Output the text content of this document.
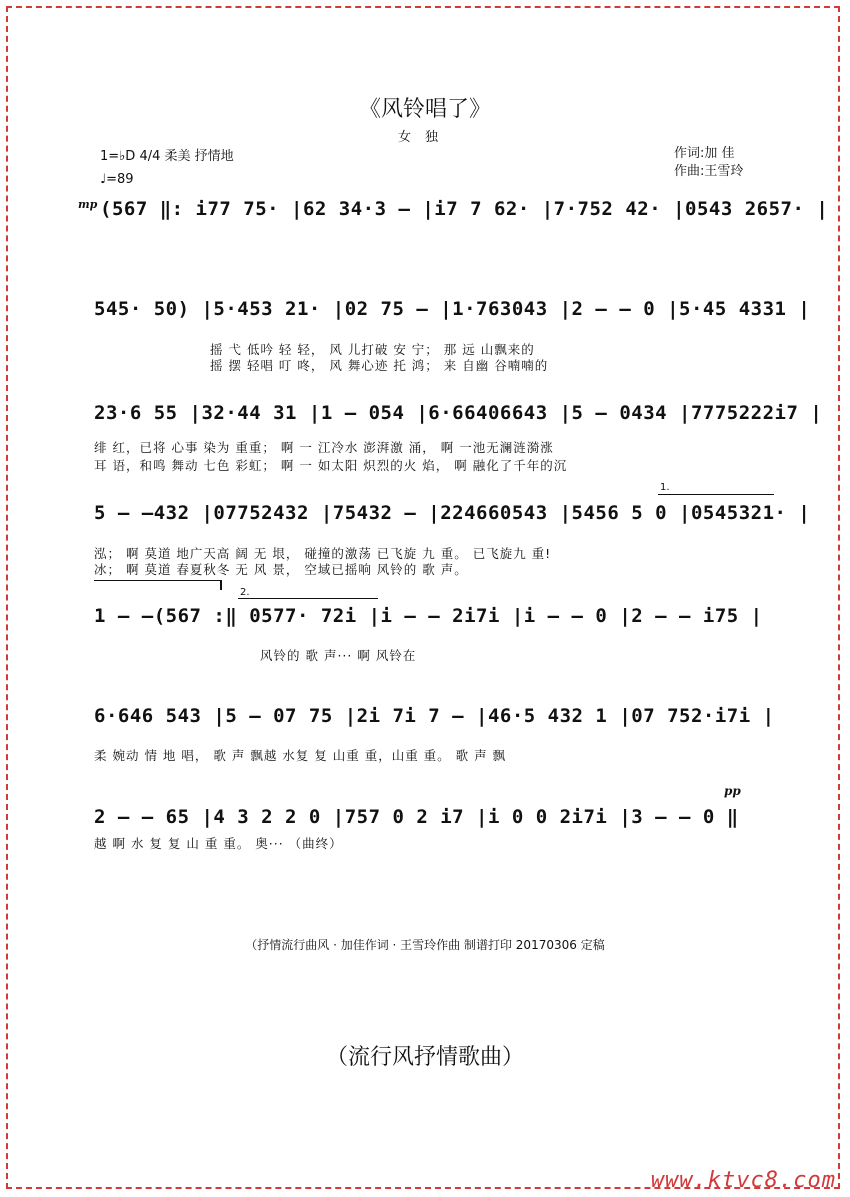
《风铃唱了》
女独
1=♭D 4/4 柔美 抒情地
♩=89
作词:加 佳
作曲:王雪玲
mp (567 ‖: i77 75· |62 34·3 – |i7 7 62· |7·752 42· |0543 2657· |
545· 50) |5·453 21· |02 75 – |1·763043 |2 – – 0 |5·45 4331 |
摇 弋 低吟 轻 轻， 风 儿打破 安 宁； 那 远 山飘来的
摇 摆 轻唱 叮 咚， 风 舞心迹 托 鸿； 来 自幽 谷喃喃的
23·6 55 |32·44 31 |1 – 054 |6·66406643 |5 – 0434 |7775222i7 |
绯 红，已将 心事 染为 重重； 啊 一 江冷水 澎湃激 涌， 啊 一池无澜涟漪涨
耳 语，和鸣 舞动 七色 彩虹； 啊 一 如太阳 炽烈的火 焰， 啊 融化了千年的沉
1.
5 – –432 |07752432 |75432 – |224660543 |5456 5 0 |0545321· |
泓； 啊 莫道 地广天高 阔 无 垠， 碰撞的激荡 已飞旋 九 重。 已飞旋九 重!
冰； 啊 莫道 春夏秋冬 无 风 景， 空域已摇响 风铃的 歌 声。
2.
1 – –(567 :‖ 0577· 72i |i – – 2i7i |i – – 0 |2 – – i75 |
风铃的 歌 声··· 啊 风铃在
6·646 543 |5 – 07 75 |2i 7i 7 – |46·5 432 1 |07 752·i7i |
柔 婉动 情 地 唱， 歌 声 飘越 水复 复 山重 重，山重 重。 歌 声 飘
pp
2 – – 65 |4 3 2 2 0 |757 0 2 i7 |i 0 0 2i7i |3 – – 0 ‖
越 啊 水 复 复 山 重 重。 奥··· （曲终）
（抒情流行曲风 · 加佳作词 · 王雪玲作曲 制谱打印 20170306 定稿
（流行风抒情歌曲）
www.ktvc8.com
